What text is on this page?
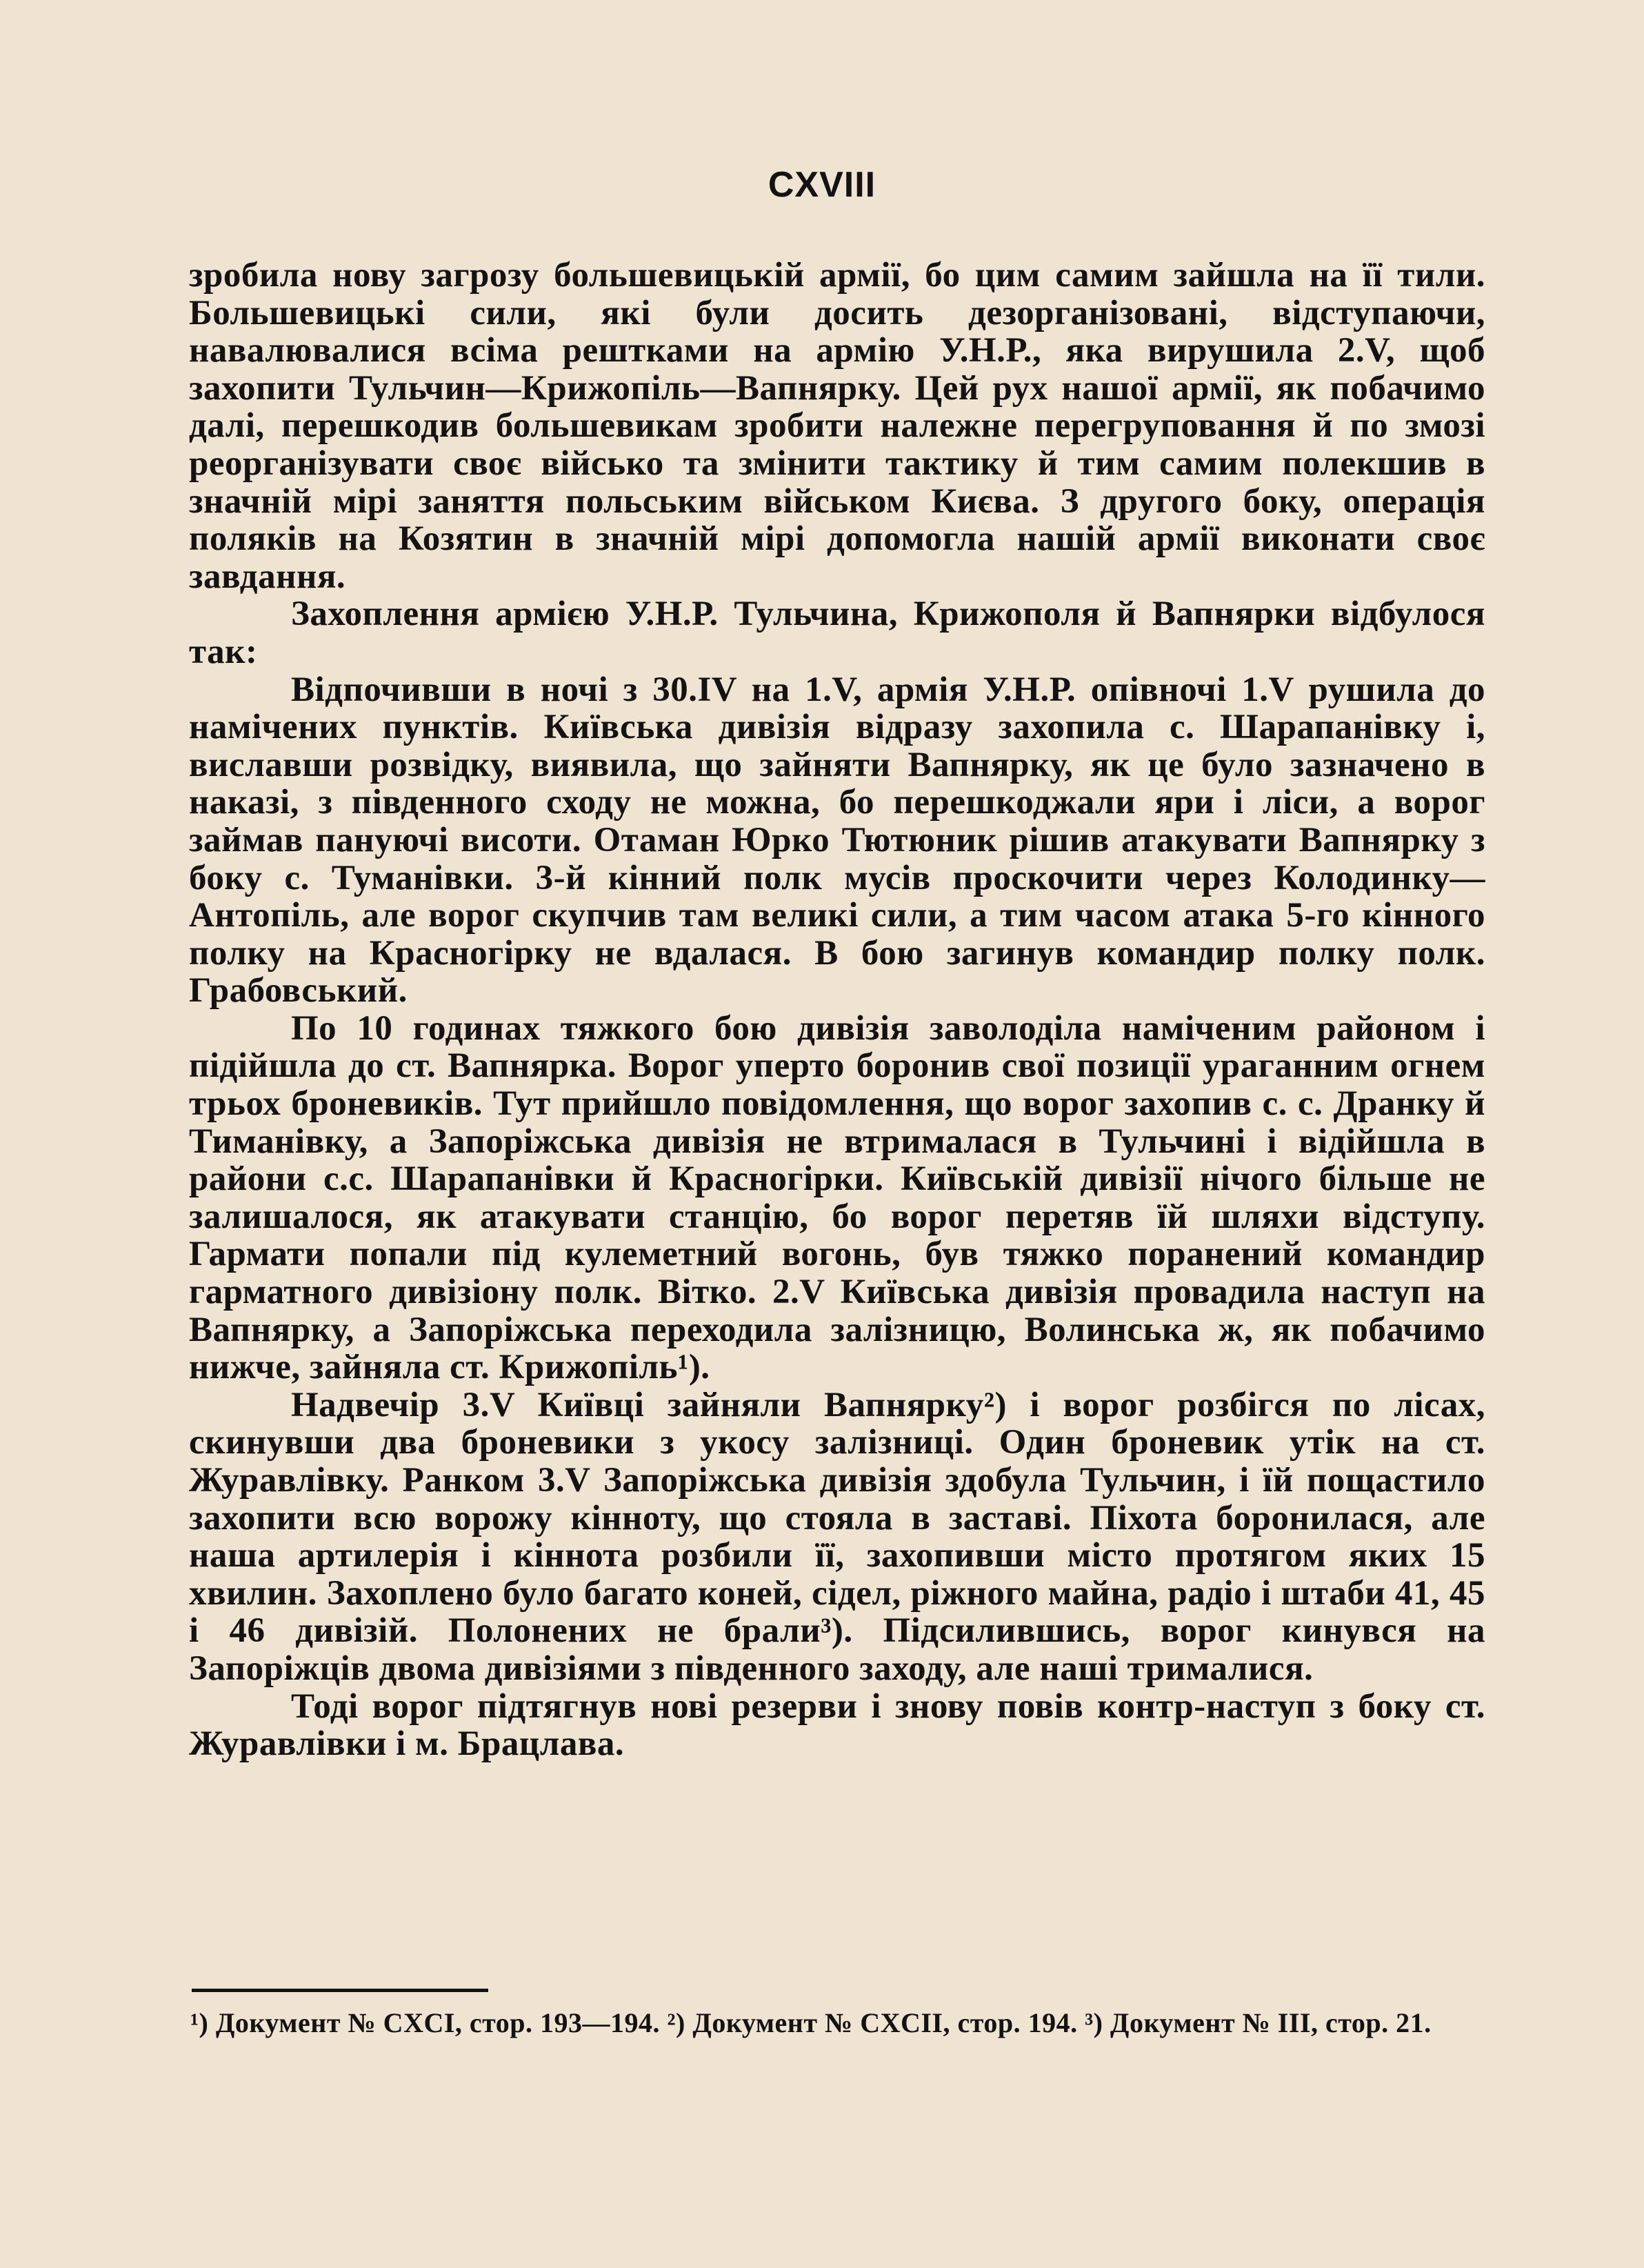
CXVIII

зробила нову загрозу большевицькій армії, бо цим самим зайшла на її тили. Большевицькі сили, які були досить дезорганізовані, відступаючи, навалювалися всіма рештками на армію У.Н.Р., яка вирушила 2.V, щоб захопити Тульчин—Крижопіль—Вапнярку. Цей рух нашої армії, як побачимо далі, перешкодив большевикам зробити належне перегруповання й по змозі реорганізувати своє військо та змінити тактику й тим самим полекшив в значній мірі заняття польським військом Києва. З другого боку, операція поляків на Козятин в значній мірі допомогла нашій армії виконати своє завдання.

Захоплення армією У.Н.Р. Тульчина, Крижополя й Вапнярки відбулося так:

Відпочивши в ночі з 30.IV на 1.V, армія У.Н.Р. опівночі 1.V рушила до намічених пунктів. Київська дивізія відразу захопила с. Шарапанівку і, виславши розвідку, виявила, що зайняти Вапнярку, як це було зазначено в наказі, з південного сходу не можна, бо перешкоджали яри і ліси, а ворог займав пануючі висоти. Отаман Юрко Тютюник рішив атакувати Вапнярку з боку с. Туманівки. 3-й кінний полк мусів проскочити через Колодинку—Антопіль, але ворог скупчив там великі сили, а тим часом атака 5-го кінного полку на Красногірку не вдалася. В бою загинув командир полку полк. Грабовський.

По 10 годинах тяжкого бою дивізія заволоділа наміченим районом і підійшла до ст. Вапнярка. Ворог уперто боронив свої позиції ураганним огнем трьох броневиків. Тут прийшло повідомлення, що ворог захопив с. с. Дранку й Тиманівку, а Запоріжська дивізія не втрималася в Тульчині і відійшла в райони с.с. Шарапанівки й Красногірки. Київській дивізії нічого більше не залишалося, як атакувати станцію, бо ворог перетяв їй шляхи відступу. Гармати попали під кулеметний вогонь, був тяжко поранений командир гарматного дивізіону полк. Вітко. 2.V Київська дивізія провадила наступ на Вапнярку, а Запоріжська переходила залізницю, Волинська ж, як побачимо нижче, зайняла ст. Крижопіль¹).

Надвечір 3.V Київці зайняли Вапнярку²) і ворог розбігся по лісах, скинувши два броневики з укосу залізниці. Один броневик утік на ст. Журавлівку. Ранком 3.V Запоріжська дивізія здобула Тульчин, і їй пощастило захопити всю ворожу кінноту, що стояла в заставі. Піхота боронилася, але наша артилерія і кіннота розбили її, захопивши місто протягом яких 15 хвилин. Захоплено було багато коней, сідел, ріжного майна, радіо і штаби 41, 45 і 46 дивізій. Полонених не брали³). Підсилившись, ворог кинувся на Запоріжців двома дивізіями з південного заходу, але наші трималися.

Тоді ворог підтягнув нові резерви і знову повів контр-наступ з боку ст. Журавлівки і м. Брацлава.

¹) Документ № CXCI, стор. 193—194. ²) Документ № CXCII, стор. 194. ³) Документ № III, стор. 21.
